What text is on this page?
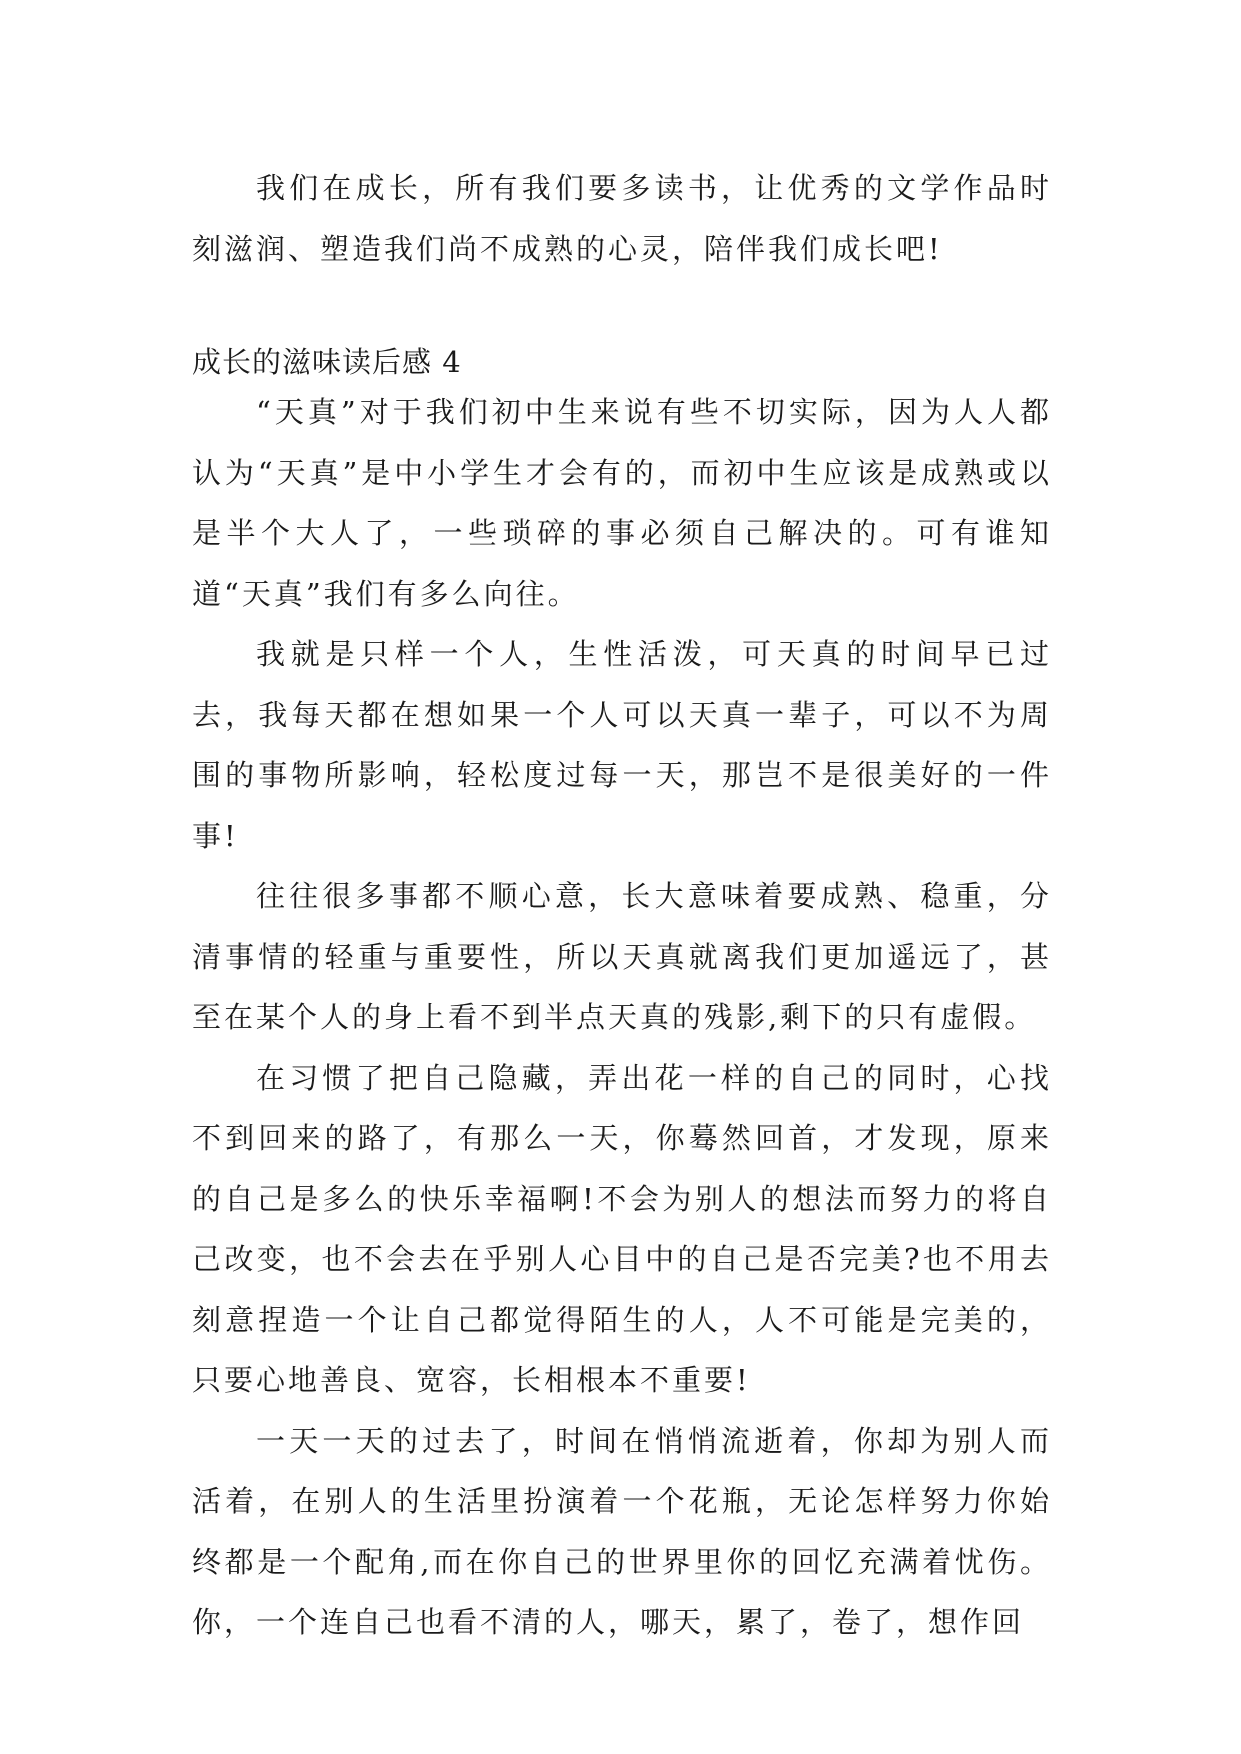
我们在成长，所有我们要多读书，让优秀的文学作品时刻滋润、塑造我们尚不成熟的心灵，陪伴我们成长吧!

成长的滋味读后感 4

“天真”对于我们初中生来说有些不切实际，因为人人都认为“天真”是中小学生才会有的，而初中生应该是成熟或以是半个大人了，一些琐碎的事必须自己解决的。可有谁知道“天真”我们有多么向往。

我就是只样一个人，生性活泼，可天真的时间早已过去，我每天都在想如果一个人可以天真一辈子，可以不为周围的事物所影响，轻松度过每一天，那岂不是很美好的一件事!

往往很多事都不顺心意，长大意味着要成熟、稳重，分清事情的轻重与重要性，所以天真就离我们更加遥远了，甚至在某个人的身上看不到半点天真的残影,剩下的只有虚假。

在习惯了把自己隐藏，弄出花一样的自己的同时，心找不到回来的路了，有那么一天，你蓦然回首，才发现，原来的自己是多么的快乐幸福啊!不会为别人的想法而努力的将自己改变，也不会去在乎别人心目中的自己是否完美?也不用去刻意捏造一个让自己都觉得陌生的人，人不可能是完美的，只要心地善良、宽容，长相根本不重要!

一天一天的过去了，时间在悄悄流逝着，你却为别人而活着，在别人的生活里扮演着一个花瓶，无论怎样努力你始终都是一个配角,而在你自己的世界里你的回忆充满着忧伤。你，一个连自己也看不清的人，哪天，累了，卷了，想作回
